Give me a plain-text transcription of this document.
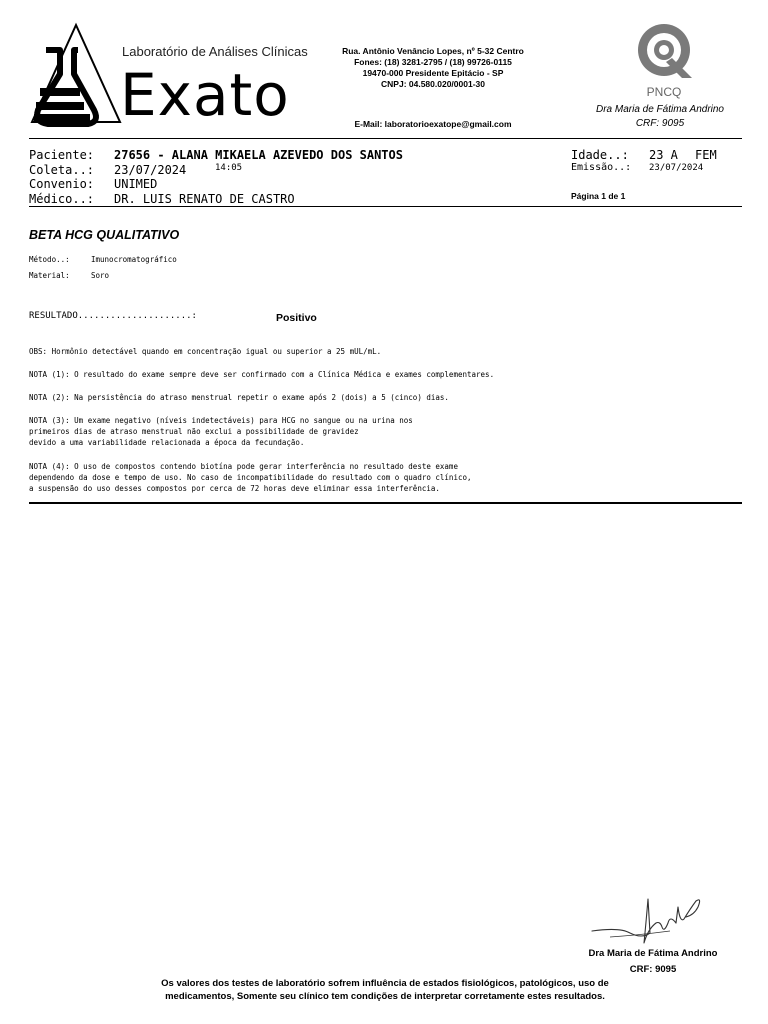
Laboratório de Análises Clínicas
Exato
Rua. Antônio Venâncio Lopes, nº 5-32 Centro
Fones: (18) 3281-2795 / (18) 99726-0115
19470-000 Presidente Epitácio - SP
CNPJ: 04.580.020/0001-30
E-Mail: laboratorioexatope@gmail.com
PNCQ
Dra Maria de Fátima Andrino
CRF: 9095
Paciente: 27656 - ALANA MIKAELA AZEVEDO DOS SANTOS
Coleta..: 23/07/2024	14:05
Convenio: UNIMED
Médico..: DR. LUIS RENATO DE CASTRO
Idade..: 23 A FEM
Emissão..: 23/07/2024
Página 1 de 1
BETA HCG QUALITATIVO
Método..:	Imunocromatográfico
Material:	Soro
RESULTADO.....................:	Positivo
OBS: Hormônio detectável quando em concentração igual ou superior a 25 mUL/mL.
NOTA (1): O resultado do exame sempre deve ser confirmado com a Clínica Médica e exames complementares.
NOTA (2): Na persistência do atraso menstrual repetir o exame após 2 (dois) a 5 (cinco) dias.
NOTA (3): Um exame negativo (níveis indetectáveis) para HCG no sangue ou na urina nos
primeiros dias de atraso menstrual não exclui a possibilidade de gravidez
devido a uma variabilidade relacionada a época da fecundação.
NOTA (4): O uso de compostos contendo biotína pode gerar interferência no resultado deste exame
dependendo da dose e tempo de uso. No caso de incompatibilidade do resultado com o quadro clínico,
a suspensão do uso desses compostos por cerca de 72 horas deve eliminar essa interferência.
Dra Maria de Fátima Andrino
CRF: 9095
Os valores dos testes de laboratório sofrem influência de estados fisiológicos, patológicos, uso de
medicamentos, Somente seu clínico tem condições de interpretar corretamente estes resultados.
